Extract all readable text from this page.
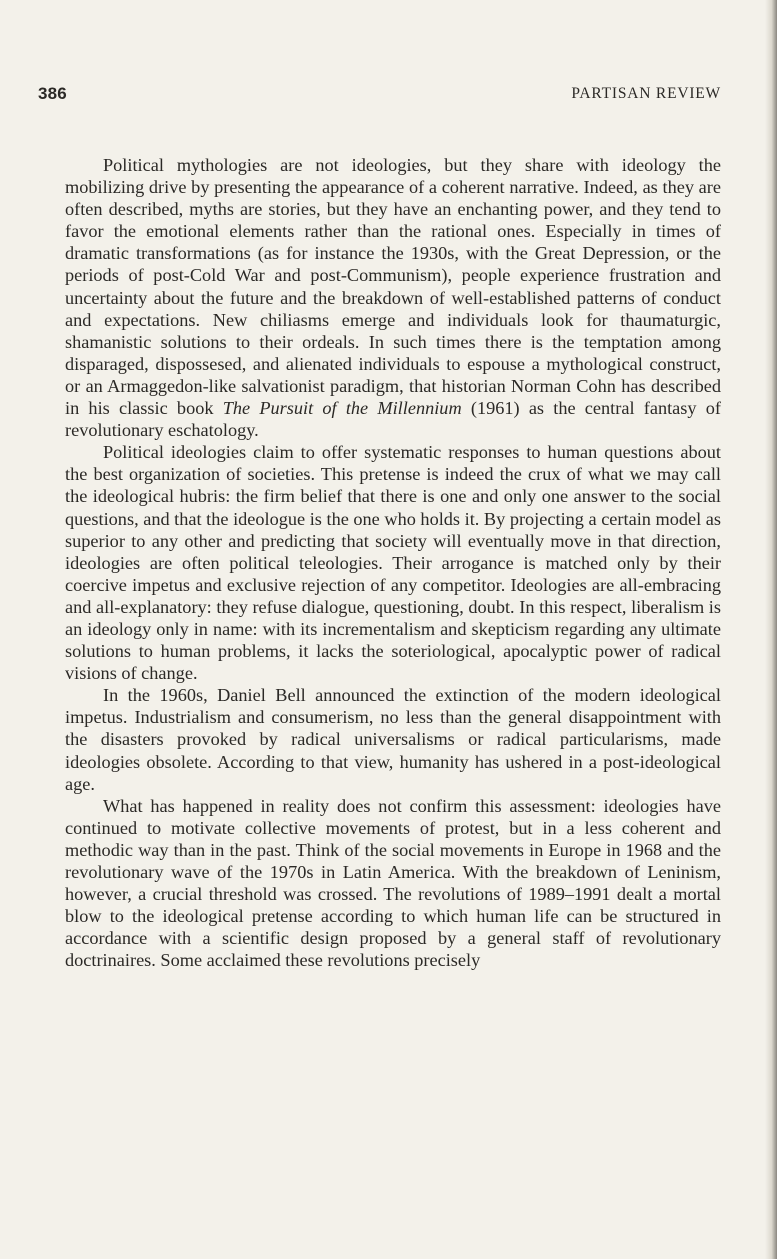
386	PARTISAN REVIEW

Political mythologies are not ideologies, but they share with ideology the mobilizing drive by presenting the appearance of a coherent narrative. Indeed, as they are often described, myths are stories, but they have an enchanting power, and they tend to favor the emotional elements rather than the rational ones. Especially in times of dramatic transformations (as for instance the 1930s, with the Great Depression, or the periods of post-Cold War and post-Communism), people experience frustration and uncertainty about the future and the breakdown of well-established patterns of conduct and expectations. New chiliasms emerge and individuals look for thaumaturgic, shamanistic solutions to their ordeals. In such times there is the temptation among disparaged, dispossesed, and alienated individuals to espouse a mythological construct, or an Armaggedon-like salvationist paradigm, that historian Norman Cohn has described in his classic book The Pursuit of the Millennium (1961) as the central fantasy of revolutionary eschatology.

Political ideologies claim to offer systematic responses to human questions about the best organization of societies. This pretense is indeed the crux of what we may call the ideological hubris: the firm belief that there is one and only one answer to the social questions, and that the ideologue is the one who holds it. By projecting a certain model as superior to any other and predicting that society will eventually move in that direction, ideologies are often political teleologies. Their arrogance is matched only by their coercive impetus and exclusive rejection of any competitor. Ideologies are all-embracing and all-explanatory: they refuse dialogue, questioning, doubt. In this respect, liberalism is an ideology only in name: with its incrementalism and skepticism regarding any ultimate solutions to human problems, it lacks the soteriological, apocalyptic power of radical visions of change.

In the 1960s, Daniel Bell announced the extinction of the modern ideological impetus. Industrialism and consumerism, no less than the general disappointment with the disasters provoked by radical universalisms or radical particularisms, made ideologies obsolete. According to that view, humanity has ushered in a post-ideological age.

What has happened in reality does not confirm this assessment: ideologies have continued to motivate collective movements of protest, but in a less coherent and methodic way than in the past. Think of the social movements in Europe in 1968 and the revolutionary wave of the 1970s in Latin America. With the breakdown of Leninism, however, a crucial threshold was crossed. The revolutions of 1989–1991 dealt a mortal blow to the ideological pretense according to which human life can be structured in accordance with a scientific design proposed by a general staff of revolutionary doctrinaires. Some acclaimed these revolutions precisely
